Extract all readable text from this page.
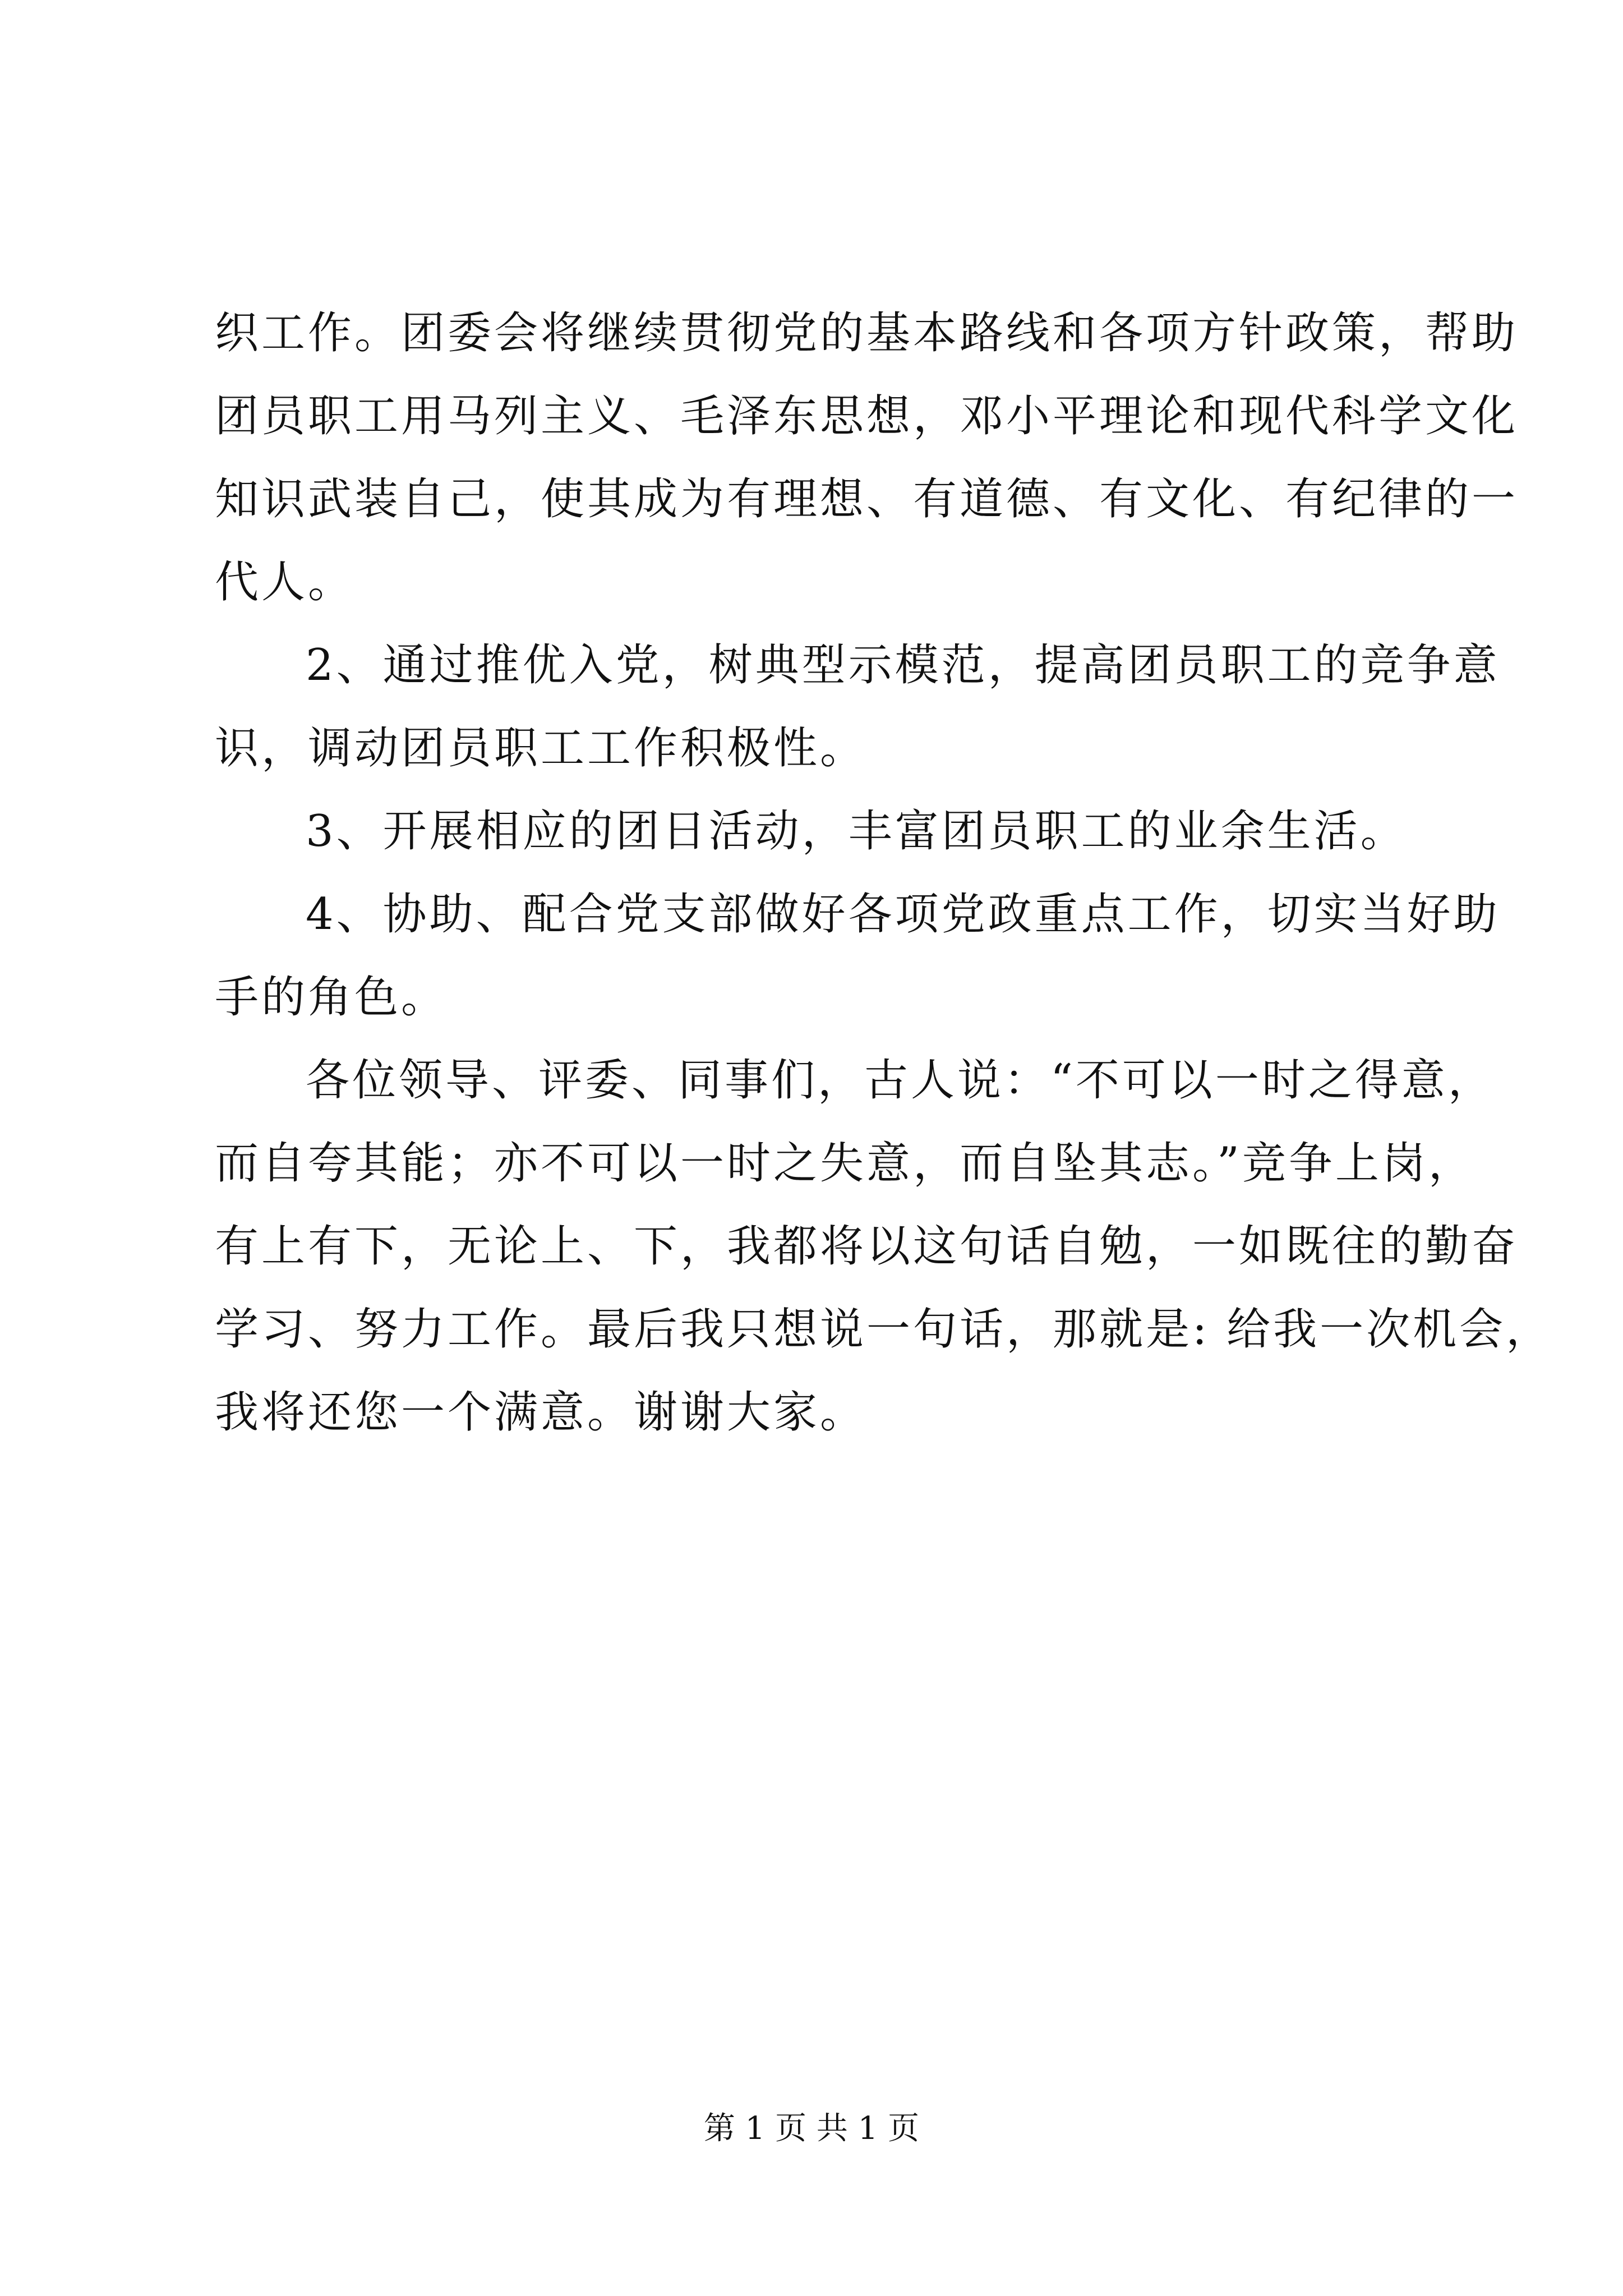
织工作。团委会将继续贯彻党的基本路线和各项方针政策，帮助
团员职工用马列主义、毛泽东思想，邓小平理论和现代科学文化
知识武装自己，使其成为有理想、有道德、有文化、有纪律的一
代人。

2、通过推优入党，树典型示模范，提高团员职工的竞争意
识，调动团员职工工作积极性。

3、开展相应的团日活动，丰富团员职工的业余生活。

4、协助、配合党支部做好各项党政重点工作，切实当好助
手的角色。

各位领导、评委、同事们，古人说：“不可以一时之得意，
而自夸其能；亦不可以一时之失意，而自坠其志。”竞争上岗，
有上有下，无论上、下，我都将以这句话自勉，一如既往的勤奋
学习、努力工作。最后我只想说一句话，那就是: 给我一次机会，
我将还您一个满意。谢谢大家。

第 1 页 共 1 页
